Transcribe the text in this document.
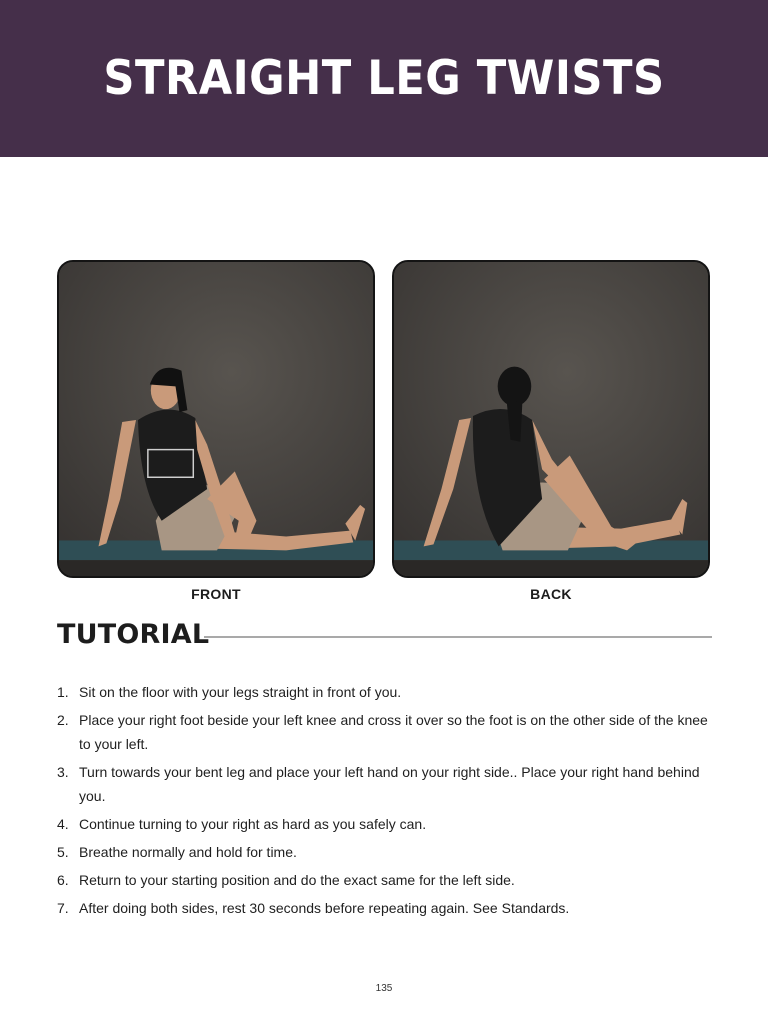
STRAIGHT LEG TWISTS
FRONT	BACK
TUTORIAL
1. Sit on the floor with your legs straight in front of you.
2. Place your right foot beside your left knee and cross it over so the foot is on the other side of the knee to your left.
3. Turn towards your bent leg and place your left hand on your right side.. Place your right hand behind you.
4. Continue turning to your right as hard as you safely can.
5. Breathe normally and hold for time.
6. Return to your starting position and do the exact same for the left side.
7. After doing both sides, rest 30 seconds before repeating again. See Standards.
135
